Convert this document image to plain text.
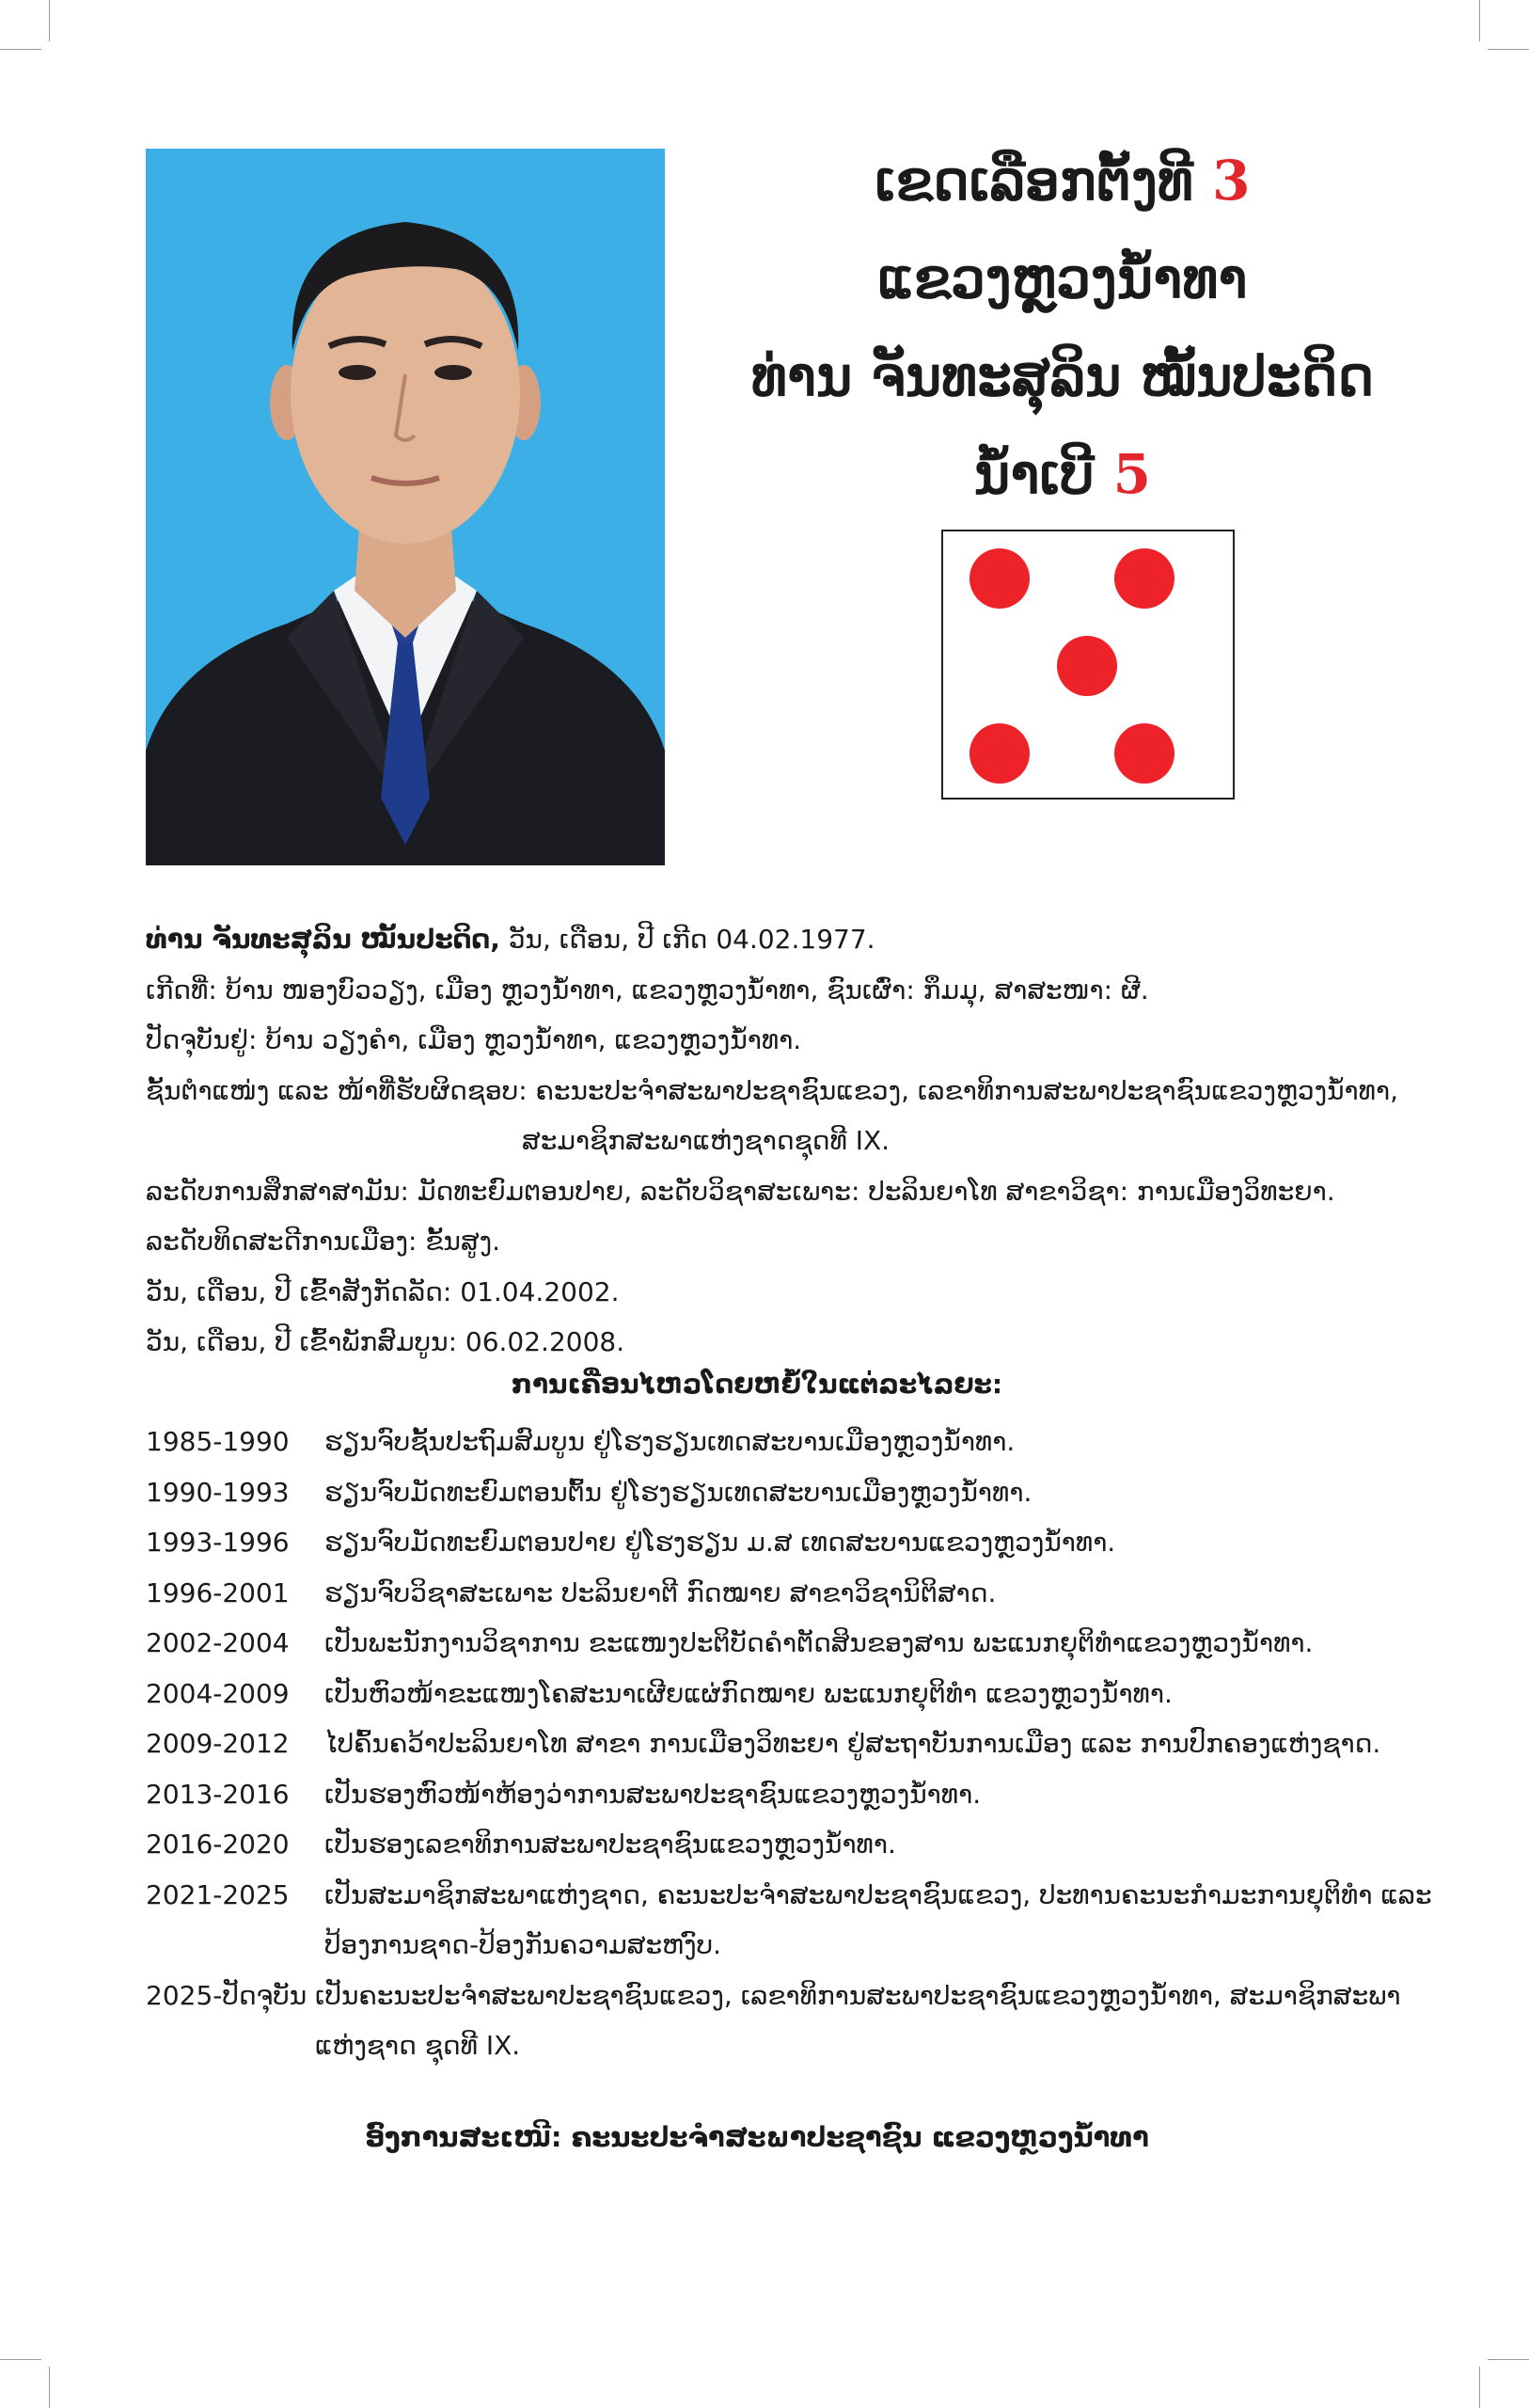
ເຂດເລືອກຕັ້ງທີ 3
ແຂວງຫຼວງນ້ຳທາ
ທ່ານ ຈັນທະສຸລິນ ໝັ້ນປະດິດ
ນ້ຳເບີ 5
ທ່ານ ຈັນທະສຸລິນ ໝັ້ນປະດິດ, ວັນ, ເດືອນ, ປີ ເກີດ 04.02.1977.
ເກີດທີ່: ບ້ານ ໜອງບົວວຽງ, ເມືອງ ຫຼວງນ້ຳທາ, ແຂວງຫຼວງນ້ຳທາ, ຊົນເຜົ່າ: ກຶມມຸ, ສາສະໜາ: ຜີ.
ປັດຈຸບັນຢູ່: ບ້ານ ວຽງຄຳ, ເມືອງ ຫຼວງນ້ຳທາ, ແຂວງຫຼວງນ້ຳທາ.
ຊັ້ນຕຳແໜ່ງ ແລະ ໜ້າທີ່ຮັບຜິດຊອບ: ຄະນະປະຈຳສະພາປະຊາຊົນແຂວງ, ເລຂາທິການສະພາປະຊາຊົນແຂວງຫຼວງນ້ຳທາ,
ສະມາຊິກສະພາແຫ່ງຊາດຊຸດທີ IX.
ລະດັບການສຶກສາສາມັນ: ມັດທະຍົມຕອນປາຍ, ລະດັບວິຊາສະເພາະ: ປະລິນຍາໂທ ສາຂາວິຊາ: ການເມືອງວິທະຍາ.
ລະດັບທິດສະດີການເມືອງ: ຂັ້ນສູງ.
ວັນ, ເດືອນ, ປີ ເຂົ້າສັງກັດລັດ: 01.04.2002.
ວັນ, ເດືອນ, ປີ ເຂົ້າພັກສົມບູນ: 06.02.2008.
ການເຄື່ອນໄຫວໂດຍຫຍໍ້ໃນແຕ່ລະໄລຍະ:
1985-1990	ຮຽນຈົບຊັ້ນປະຖົມສົມບູນ ຢູ່ໂຮງຮຽນເທດສະບານເມືອງຫຼວງນ້ຳທາ.
1990-1993	ຮຽນຈົບມັດທະຍົມຕອນຕົ້ນ ຢູ່ໂຮງຮຽນເທດສະບານເມືອງຫຼວງນ້ຳທາ.
1993-1996	ຮຽນຈົບມັດທະຍົມຕອນປາຍ ຢູ່ໂຮງຮຽນ ມ.ສ ເທດສະບານແຂວງຫຼວງນ້ຳທາ.
1996-2001	ຮຽນຈົບວິຊາສະເພາະ ປະລິນຍາຕີ ກົດໝາຍ ສາຂາວິຊານິຕິສາດ.
2002-2004	ເປັນພະນັກງານວິຊາການ ຂະແໜງປະຕິບັດຄຳຕັດສິນຂອງສານ ພະແນກຍຸຕິທຳແຂວງຫຼວງນ້ຳທາ.
2004-2009	ເປັນຫົວໜ້າຂະແໜງໂຄສະນາເຜີຍແຜ່ກົດໝາຍ ພະແນກຍຸຕິທຳ ແຂວງຫຼວງນ້ຳທາ.
2009-2012	ໄປຄົ້ນຄວ້າປະລິນຍາໂທ ສາຂາ ການເມືອງວິທະຍາ ຢູ່ສະຖາບັນການເມືອງ ແລະ ການປົກຄອງແຫ່ງຊາດ.
2013-2016	ເປັນຮອງຫົວໜ້າຫ້ອງວ່າການສະພາປະຊາຊົນແຂວງຫຼວງນ້ຳທາ.
2016-2020	ເປັນຮອງເລຂາທິການສະພາປະຊາຊົນແຂວງຫຼວງນ້ຳທາ.
2021-2025	ເປັນສະມາຊິກສະພາແຫ່ງຊາດ, ຄະນະປະຈຳສະພາປະຊາຊົນແຂວງ, ປະທານຄະນະກຳມະການຍຸຕິທຳ ແລະ ປ້ອງການຊາດ-ປ້ອງກັນຄວາມສະຫງົບ.
2025-ປັດຈຸບັນ ເປັນຄະນະປະຈຳສະພາປະຊາຊົນແຂວງ, ເລຂາທິການສະພາປະຊາຊົນແຂວງຫຼວງນ້ຳທາ, ສະມາຊິກສະພາແຫ່ງຊາດ ຊຸດທີ IX.
ອົງການສະເໜີ: ຄະນະປະຈຳສະພາປະຊາຊົນ ແຂວງຫຼວງນ້ຳທາ
